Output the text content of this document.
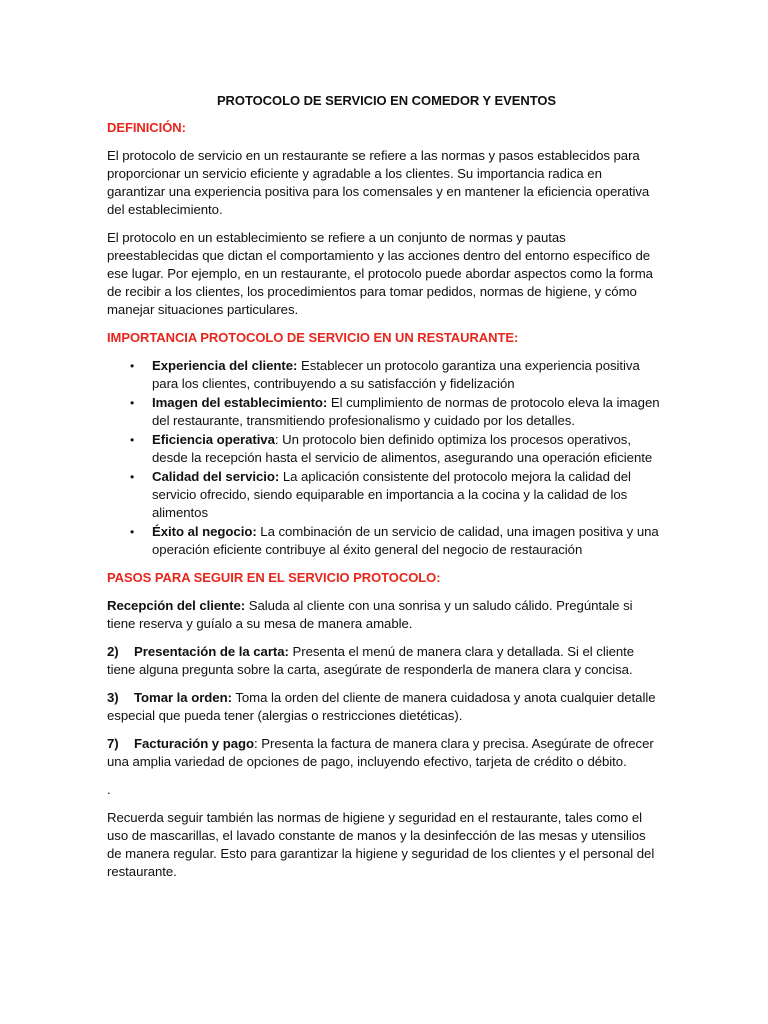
PROTOCOLO DE SERVICIO EN COMEDOR Y EVENTOS
DEFINICIÓN:

El protocolo de servicio en un restaurante se refiere a las normas y pasos establecidos para proporcionar un servicio eficiente y agradable a los clientes. Su importancia radica en garantizar una experiencia positiva para los comensales y en mantener la eficiencia operativa del establecimiento.

El protocolo en un establecimiento se refiere a un conjunto de normas y pautas preestablecidas que dictan el comportamiento y las acciones dentro del entorno específico de ese lugar. Por ejemplo, en un restaurante, el protocolo puede abordar aspectos como la forma de recibir a los clientes, los procedimientos para tomar pedidos, normas de higiene, y cómo manejar situaciones particulares.

IMPORTANCIA PROTOCOLO DE SERVICIO EN UN RESTAURANTE:
• Experiencia del cliente: Establecer un protocolo garantiza una experiencia positiva para los clientes, contribuyendo a su satisfacción y fidelización
• Imagen del establecimiento: El cumplimiento de normas de protocolo eleva la imagen del restaurante, transmitiendo profesionalismo y cuidado por los detalles.
• Eficiencia operativa: Un protocolo bien definido optimiza los procesos operativos, desde la recepción hasta el servicio de alimentos, asegurando una operación eficiente
• Calidad del servicio: La aplicación consistente del protocolo mejora la calidad del servicio ofrecido, siendo equiparable en importancia a la cocina y la calidad de los alimentos
• Éxito al negocio: La combinación de un servicio de calidad, una imagen positiva y una operación eficiente contribuye al éxito general del negocio de restauración
PASOS PARA SEGUIR EN EL SERVICIO PROTOCOLO:

Recepción del cliente: Saluda al cliente con una sonrisa y un saludo cálido. Pregúntale si tiene reserva y guíalo a su mesa de manera amable.

2) Presentación de la carta: Presenta el menú de manera clara y detallada. Si el cliente tiene alguna pregunta sobre la carta, asegúrate de responderla de manera clara y concisa.

3) Tomar la orden: Toma la orden del cliente de manera cuidadosa y anota cualquier detalle especial que pueda tener (alergias o restricciones dietéticas).

7) Facturación y pago: Presenta la factura de manera clara y precisa. Asegúrate de ofrecer una amplia variedad de opciones de pago, incluyendo efectivo, tarjeta de crédito o débito.

.

Recuerda seguir también las normas de higiene y seguridad en el restaurante, tales como el uso de mascarillas, el lavado constante de manos y la desinfección de las mesas y utensilios de manera regular. Esto para garantizar la higiene y seguridad de los clientes y el personal del restaurante.
